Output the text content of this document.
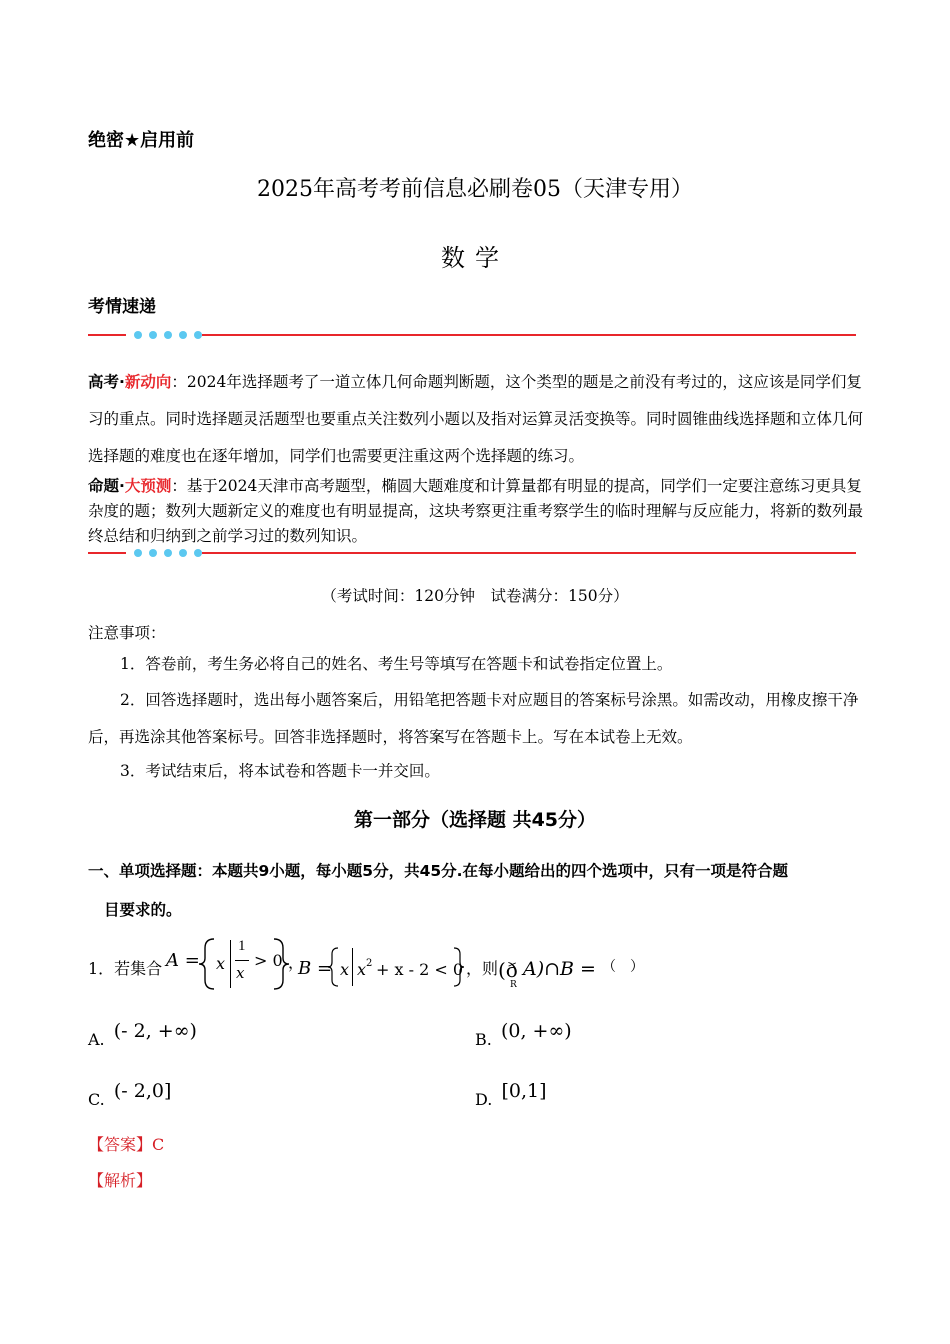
绝密★启用前
2025年高考考前信息必刷卷05（天津专用）
数学
考情速递
高考·新动向：2024年选择题考了一道立体几何命题判断题，这个类型的题是之前没有考过的，这应该是同学们复习的重点。同时选择题灵活题型也要重点关注数列小题以及指对运算灵活变换等。同时圆锥曲线选择题和立体几何选择题的难度也在逐年增加，同学们也需要更注重这两个选择题的练习。
命题·大预测：基于2024天津市高考题型，椭圆大题难度和计算量都有明显的提高，同学们一定要注意练习更具复杂度的题；数列大题新定义的难度也有明显提高，这块考察更注重考察学生的临时理解与反应能力，将新的数列最终总结和归纳到之前学习过的数列知识。
（考试时间：120分钟　试卷满分：150分）
注意事项：
1．答卷前，考生务必将自己的姓名、考生号等填写在答题卡和试卷指定位置上。
2．回答选择题时，选出每小题答案后，用铅笔把答题卡对应题目的答案标号涂黑。如需改动，用橡皮擦干净后，再选涂其他答案标号。回答非选择题时，将答案写在答题卡上。写在本试卷上无效。
3．考试结束后，将本试卷和答题卡一并交回。
第一部分（选择题 共45分）
一、单项选择题：本题共9小题，每小题5分，共45分.在每小题给出的四个选项中，只有一项是符合题
目要求的。
1．若集合 A = x
1
x
> 0 ，
B = x x 2 + x - 2 < 0 ，则 (ð
R
A)∩B = （　）
A. (- 2, +∞)	B. (0, +∞)
C. (- 2,0]	D. [0,1]
【答案】C
【解析】
